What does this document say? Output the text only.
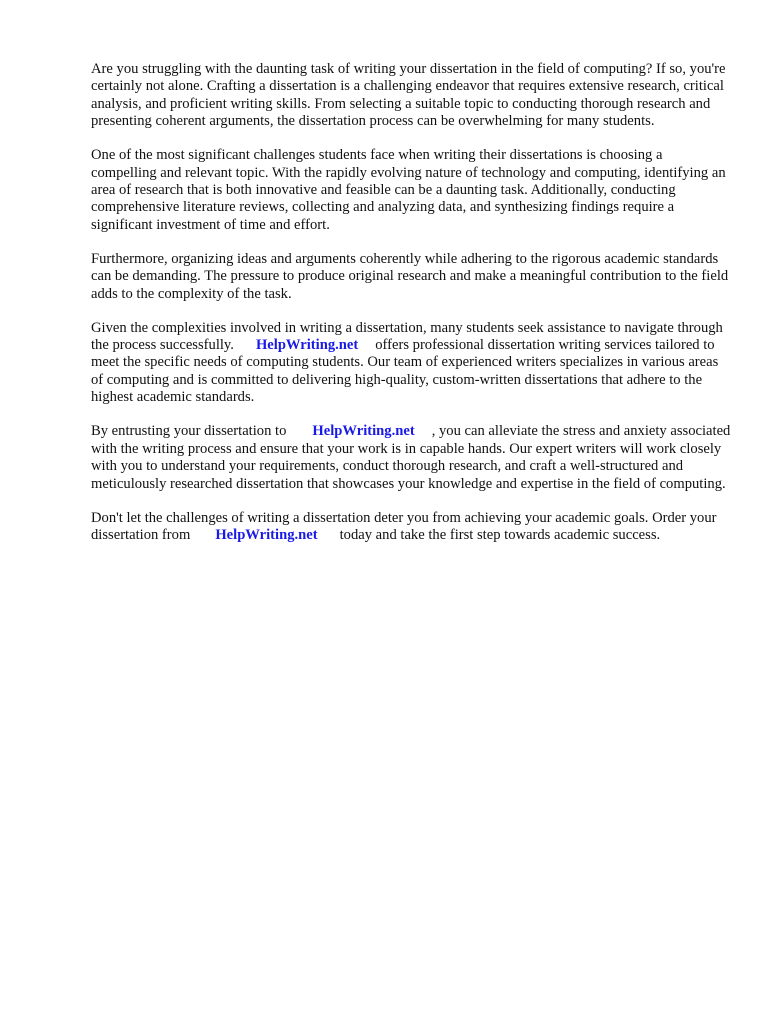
Are you struggling with the daunting task of writing your dissertation in the field of computing? If so, you're certainly not alone. Crafting a dissertation is a challenging endeavor that requires extensive research, critical analysis, and proficient writing skills. From selecting a suitable topic to conducting thorough research and presenting coherent arguments, the dissertation process can be overwhelming for many students.

One of the most significant challenges students face when writing their dissertations is choosing a compelling and relevant topic. With the rapidly evolving nature of technology and computing, identifying an area of research that is both innovative and feasible can be a daunting task. Additionally, conducting comprehensive literature reviews, collecting and analyzing data, and synthesizing findings require a significant investment of time and effort.

Furthermore, organizing ideas and arguments coherently while adhering to the rigorous academic standards can be demanding. The pressure to produce original research and make a meaningful contribution to the field adds to the complexity of the task.

Given the complexities involved in writing a dissertation, many students seek assistance to navigate through the process successfully. HelpWriting.net offers professional dissertation writing services tailored to meet the specific needs of computing students. Our team of experienced writers specializes in various areas of computing and is committed to delivering high-quality, custom-written dissertations that adhere to the highest academic standards.

By entrusting your dissertation to HelpWriting.net , you can alleviate the stress and anxiety associated with the writing process and ensure that your work is in capable hands. Our expert writers will work closely with you to understand your requirements, conduct thorough research, and craft a well-structured and meticulously researched dissertation that showcases your knowledge and expertise in the field of computing.

Don't let the challenges of writing a dissertation deter you from achieving your academic goals. Order your dissertation from HelpWriting.net today and take the first step towards academic success.
